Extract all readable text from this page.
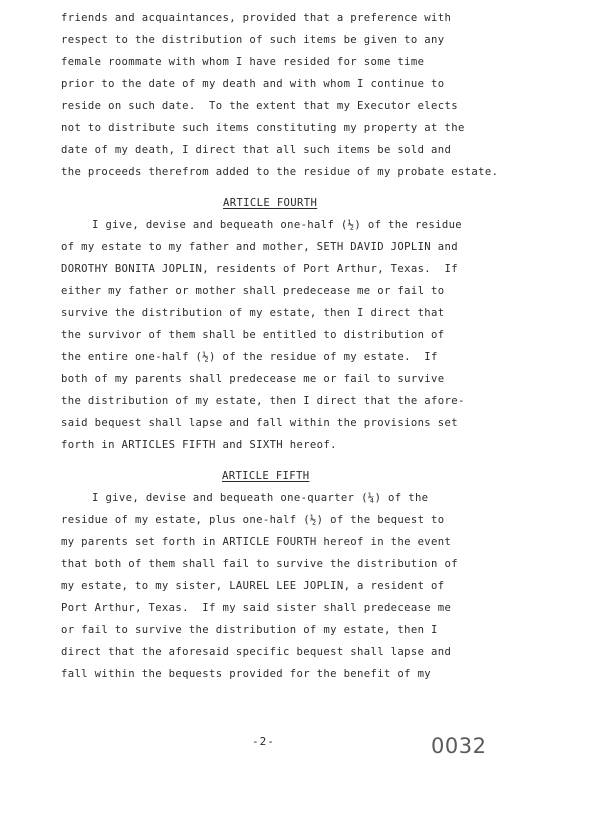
friends and acquaintances, provided that a preference with
respect to the distribution of such items be given to any
female roommate with whom I have resided for some time
prior to the date of my death and with whom I continue to
reside on such date.  To the extent that my Executor elects
not to distribute such items constituting my property at the
date of my death, I direct that all such items be sold and
the proceeds therefrom added to the residue of my probate estate.
ARTICLE FOURTH
I give, devise and bequeath one-half (½) of the residue
of my estate to my father and mother, SETH DAVID JOPLIN and
DOROTHY BONITA JOPLIN, residents of Port Arthur, Texas.  If
either my father or mother shall predecease me or fail to
survive the distribution of my estate, then I direct that
the survivor of them shall be entitled to distribution of
the entire one-half (½) of the residue of my estate.  If
both of my parents shall predecease me or fail to survive
the distribution of my estate, then I direct that the afore-
said bequest shall lapse and fall within the provisions set
forth in ARTICLES FIFTH and SIXTH hereof.
ARTICLE FIFTH
I give, devise and bequeath one-quarter (¼) of the
residue of my estate, plus one-half (½) of the bequest to
my parents set forth in ARTICLE FOURTH hereof in the event
that both of them shall fail to survive the distribution of
my estate, to my sister, LAUREL LEE JOPLIN, a resident of
Port Arthur, Texas.  If my said sister shall predecease me
or fail to survive the distribution of my estate, then I
direct that the aforesaid specific bequest shall lapse and
fall within the bequests provided for the benefit of my
-2-	0032
